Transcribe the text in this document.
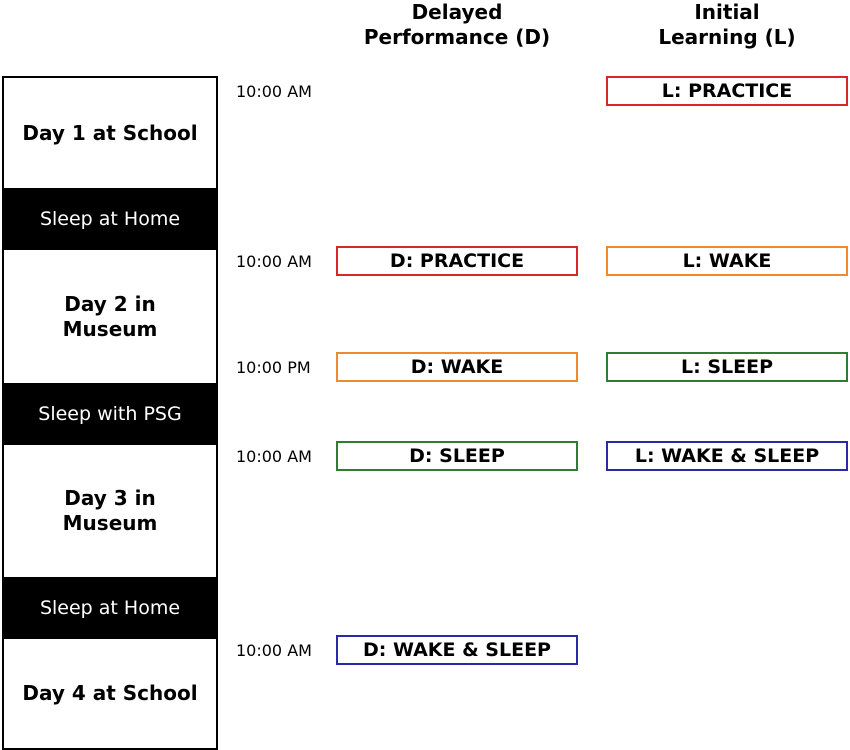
Delayed
Performance (D)
Initial
Learning (L)
Day 1 at School
Sleep at Home
Day 2 in
Museum
Sleep with PSG
Day 3 in
Museum
Sleep at Home
Day 4 at School
10:00 AM
10:00 AM
10:00 PM
10:00 AM
10:00 AM
L: PRACTICE
L: WAKE
L: SLEEP
L: WAKE & SLEEP
D: PRACTICE
D: WAKE
D: SLEEP
D: WAKE & SLEEP
